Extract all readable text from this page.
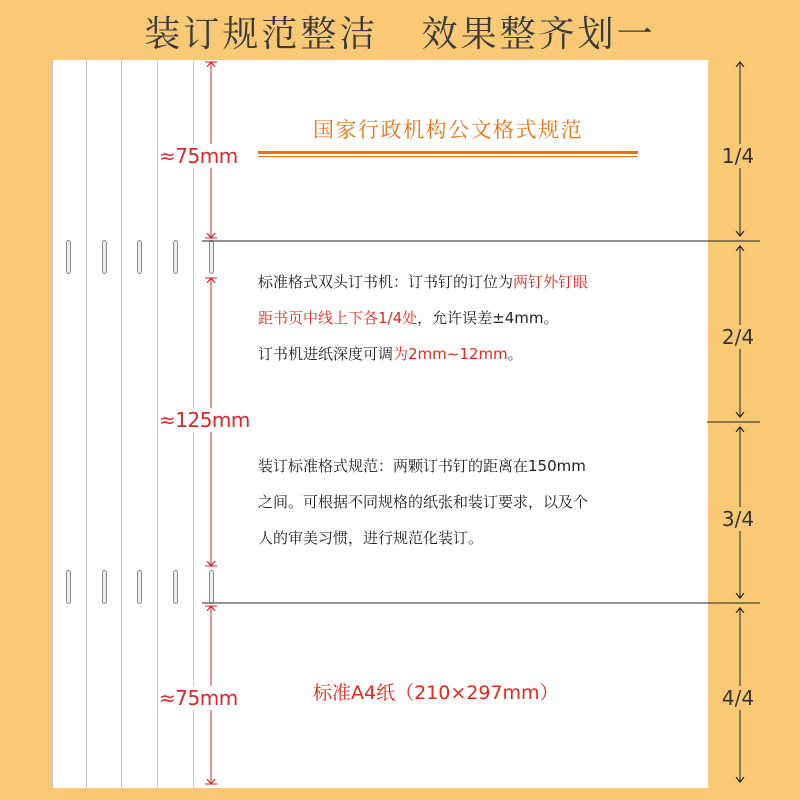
装订规范整洁   效果整齐划一
国家行政机构公文格式规范
标准格式双头订书机：订书钉的订位为两钉外钉眼
距书页中线上下各1/4处，允许误差±4mm。
订书机进纸深度可调为2mm~12mm。
装订标准格式规范：两颗订书钉的距离在150mm
之间。可根据不同规格的纸张和装订要求，以及个
人的审美习惯，进行规范化装订。
标准A4纸（210×297mm）
≈75mm
≈125mm
≈75mm
1/4
2/4
3/4
4/4
